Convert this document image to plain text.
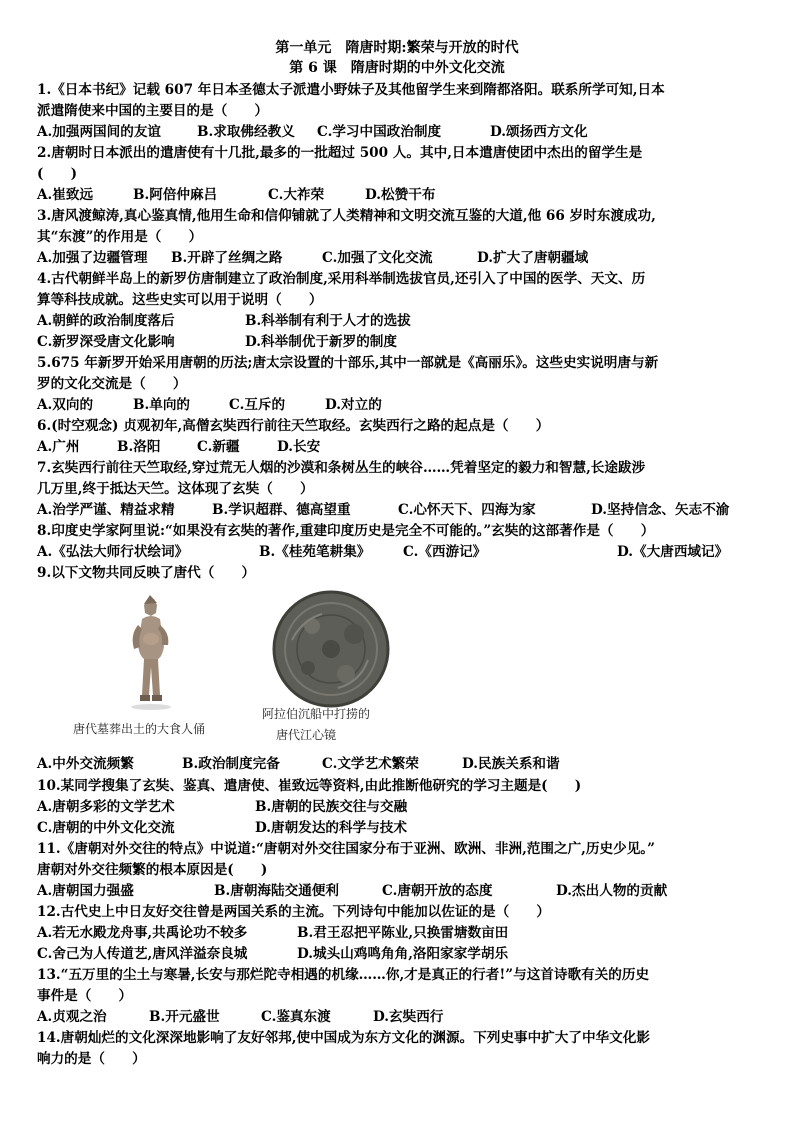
第一单元　隋唐时期:繁荣与开放的时代
第 6 课　隋唐时期的中外文化交流
1.《日本书纪》记载 607 年日本圣德太子派遣小野妹子及其他留学生来到隋都洛阳。联系所学可知,日本
派遣隋使来中国的主要目的是（　　）
A.加强两国间的友谊	B.求取佛经教义 C.学习中国政治制度	D.颂扬西方文化
2.唐朝时日本派出的遣唐使有十几批,最多的一批超过 500 人。其中,日本遣唐使团中杰出的留学生是
(　　)
A.崔致远	B.阿倍仲麻吕	C.大祚荣	D.松赞干布
3.唐风渡鲸涛,真心鉴真情,他用生命和信仰铺就了人类精神和文明交流互鉴的大道,他 66 岁时东渡成功,
其“东渡”的作用是（　　）
A.加强了边疆管理 B.开辟了丝绸之路	C.加强了文化交流	D.扩大了唐朝疆域
4.古代朝鲜半岛上的新罗仿唐制建立了政治制度,采用科举制选拔官员,还引入了中国的医学、天文、历
算等科技成就。这些史实可以用于说明（　　）
A.朝鲜的政治制度落后	B.科举制有利于人才的选拔
C.新罗深受唐文化影响	D.科举制优于新罗的制度
5.675 年新罗开始采用唐朝的历法;唐太宗设置的十部乐,其中一部就是《高丽乐》。这些史实说明唐与新
罗的文化交流是（　　）
A.双向的	B.单向的	C.互斥的	D.对立的
6.(时空观念) 贞观初年,高僧玄奘西行前往天竺取经。玄奘西行之路的起点是（　　）
A.广州	B.洛阳	C.新疆	D.长安
7.玄奘西行前往天竺取经,穿过荒无人烟的沙漠和条树丛生的峡谷……凭着坚定的毅力和智慧,长途跋涉
几万里,终于抵达天竺。这体现了玄奘（　　）
A.治学严谨、精益求精	B.学识超群、德高望重	C.心怀天下、四海为家	D.坚持信念、矢志不渝
8.印度史学家阿里说:“如果没有玄奘的著作,重建印度历史是完全不可能的。”玄奘的这部著作是（　　）
A.《弘法大师行状绘词》	B.《桂苑笔耕集》 C.《西游记》	D.《大唐西域记》
9.以下文物共同反映了唐代（　　）
唐代墓葬出土的大食人俑
阿拉伯沉船中打捞的
唐代江心镜
A.中外交流频繁	B.政治制度完备	C.文学艺术繁荣	D.民族关系和谐
10.某同学搜集了玄奘、鉴真、遣唐使、崔致远等资料,由此推断他研究的学习主题是(　　)
A.唐朝多彩的文学艺术	B.唐朝的民族交往与交融
C.唐朝的中外文化交流	D.唐朝发达的科学与技术
11.《唐朝对外交往的特点》中说道:“唐朝对外交往国家分布于亚洲、欧洲、非洲,范围之广,历史少见。”
唐朝对外交往频繁的根本原因是(　　)
A.唐朝国力强盛	B.唐朝海陆交通便利	C.唐朝开放的态度	D.杰出人物的贡献
12.古代史上中日友好交往曾是两国关系的主流。下列诗句中能加以佐证的是（　　）
A.若无水殿龙舟事,共禹论功不较多	B.君王忍把平陈业,只换雷塘数亩田
C.舍己为人传道艺,唐风洋溢奈良城	D.城头山鸡鸣角角,洛阳家家学胡乐
13.“五万里的尘土与寒暑,长安与那烂陀寺相遇的机缘……你,才是真正的行者!”与这首诗歌有关的历史
事件是（　　）
A.贞观之治	B.开元盛世	C.鉴真东渡	D.玄奘西行
14.唐朝灿烂的文化深深地影响了友好邻邦,使中国成为东方文化的渊源。下列史事中扩大了中华文化影
响力的是（　　）
